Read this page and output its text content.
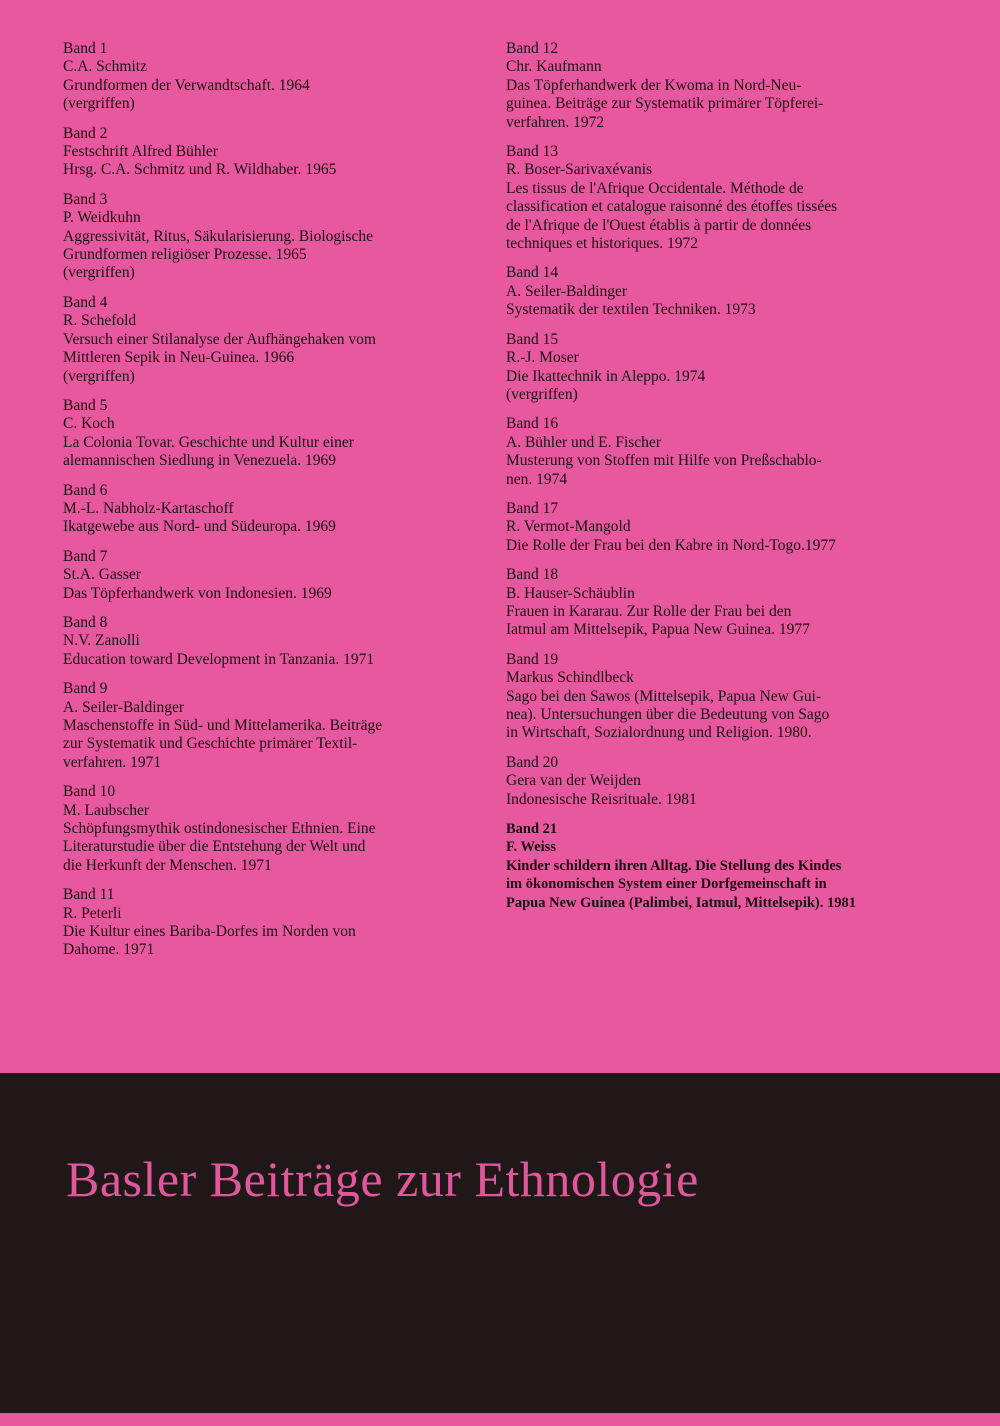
Band 1
C.A. Schmitz
Grundformen der Verwandtschaft. 1964
(vergriffen)
Band 2
Festschrift Alfred Bühler
Hrsg. C.A. Schmitz und R. Wildhaber. 1965
Band 3
P. Weidkuhn
Aggressivität, Ritus, Säkularisierung. Biologische
Grundformen religiöser Prozesse. 1965
(vergriffen)
Band 4
R. Schefold
Versuch einer Stilanalyse der Aufhängehaken vom
Mittleren Sepik in Neu-Guinea. 1966
(vergriffen)
Band 5
C. Koch
La Colonia Tovar. Geschichte und Kultur einer
alemannischen Siedlung in Venezuela. 1969
Band 6
M.-L. Nabholz-Kartaschoff
Ikatgewebe aus Nord- und Südeuropa. 1969
Band 7
St.A. Gasser
Das Töpferhandwerk von Indonesien. 1969
Band 8
N.V. Zanolli
Education toward Development in Tanzania. 1971
Band 9
A. Seiler-Baldinger
Maschenstoffe in Süd- und Mittelamerika. Beiträge
zur Systematik und Geschichte primärer Textil-
verfahren. 1971
Band 10
M. Laubscher
Schöpfungsmythik ostindonesischer Ethnien. Eine
Literaturstudie über die Entstehung der Welt und
die Herkunft der Menschen. 1971
Band 11
R. Peterli
Die Kultur eines Bariba-Dorfes im Norden von
Dahome. 1971
Band 12
Chr. Kaufmann
Das Töpferhandwerk der Kwoma in Nord-Neu-
guinea. Beiträge zur Systematik primärer Töpferei-
verfahren. 1972
Band 13
R. Boser-Sarivaxévanis
Les tissus de l'Afrique Occidentale. Méthode de
classification et catalogue raisonné des étoffes tissées
de l'Afrique de l'Ouest établis à partir de données
techniques et historiques. 1972
Band 14
A. Seiler-Baldinger
Systematik der textilen Techniken. 1973
Band 15
R.-J. Moser
Die Ikattechnik in Aleppo. 1974
(vergriffen)
Band 16
A. Bühler und E. Fischer
Musterung von Stoffen mit Hilfe von Preßschablo-
nen. 1974
Band 17
R. Vermot-Mangold
Die Rolle der Frau bei den Kabre in Nord-Togo.1977
Band 18
B. Hauser-Schäublin
Frauen in Kararau. Zur Rolle der Frau bei den
Iatmul am Mittelsepik, Papua New Guinea. 1977
Band 19
Markus Schindlbeck
Sago bei den Sawos (Mittelsepik, Papua New Gui-
nea). Untersuchungen über die Bedeutung von Sago
in Wirtschaft, Sozialordnung und Religion. 1980.
Band 20
Gera van der Weijden
Indonesische Reisrituale. 1981
Band 21
F. Weiss
Kinder schildern ihren Alltag. Die Stellung des Kindes
im ökonomischen System einer Dorfgemeinschaft in
Papua New Guinea (Palimbei, Iatmul, Mittelsepik). 1981
Basler Beiträge zur Ethnologie
